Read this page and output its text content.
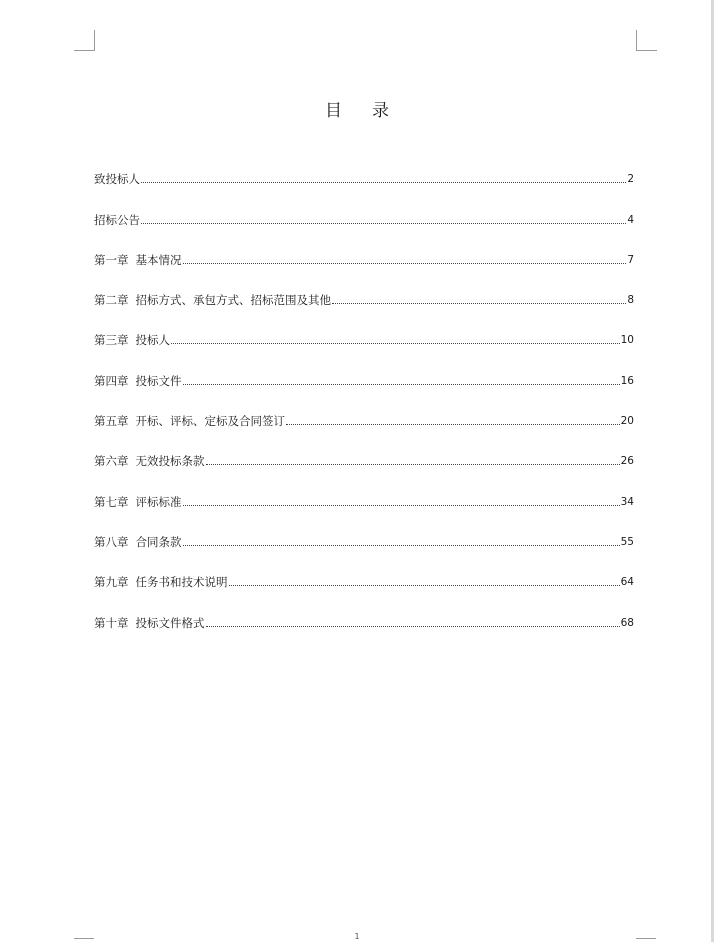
目录
致投标人	2
招标公告	4
第一章 基本情况	7
第二章 招标方式、承包方式、招标范围及其他	8
第三章 投标人	10
第四章 投标文件	16
第五章 开标、评标、定标及合同签订	20
第六章 无效投标条款	26
第七章 评标标准	34
第八章 合同条款	55
第九章 任务书和技术说明	64
第十章 投标文件格式	68
1
